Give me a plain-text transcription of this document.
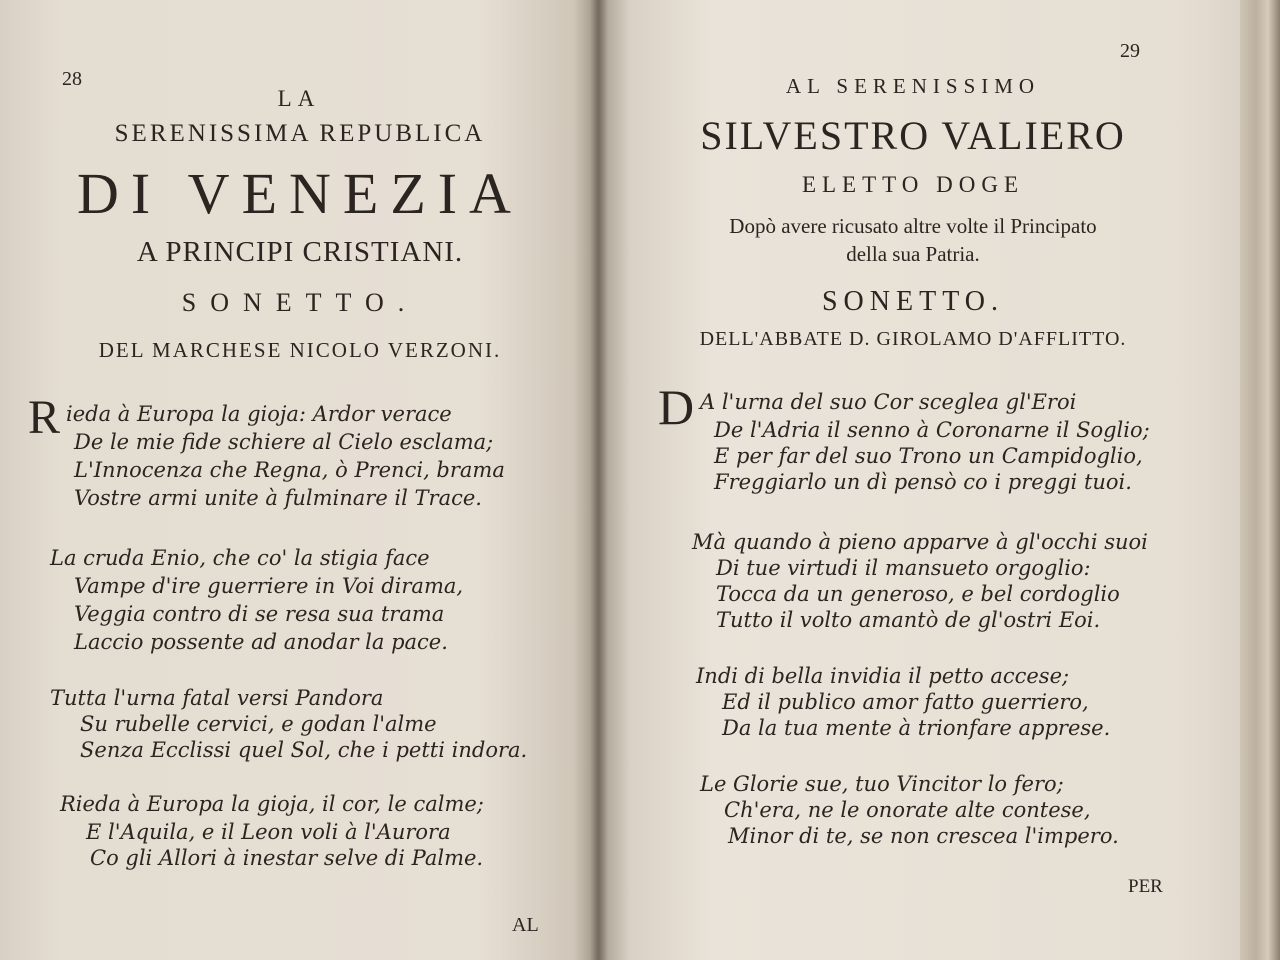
28
LA
SERENISSIMA REPUBLICA
DI VENEZIA
A PRINCIPI CRISTIANI.
SONETTO.
DEL MARCHESE NICOLO VERZONI.
R ieda à Europa la gioja: Ardor verace
De le mie fide schiere al Cielo esclama;
L'Innocenza che Regna, ò Prenci, brama
Vostre armi unite à fulminare il Trace.
La cruda Enio, che co' la stigia face
Vampe d'ire guerriere in Voi dirama,
Veggia contro di se resa sua trama
Laccio possente ad anodar la pace.
Tutta l'urna fatal versi Pandora
Su rubelle cervici, e godan l'alme
Senza Ecclissi quel Sol, che i petti indora.
Rieda à Europa la gioja, il cor, le calme;
E l'Aquila, e il Leon voli à l'Aurora
Co gli Allori à inestar selve di Palme.
AL
29
AL SERENISSIMO
SILVESTRO VALIERO
ELETTO DOGE
Dopò avere ricusato altre volte il Principato
della sua Patria.
SONETTO.
DELL'ABBATE D. GIROLAMO D'AFFLITTO.
D A l'urna del suo Cor sceglea gl'Eroi
De l'Adria il senno à Coronarne il Soglio;
E per far del suo Trono un Campidoglio,
Freggiarlo un dì pensò co i preggi tuoi.
Mà quando à pieno apparve à gl'occhi suoi
Di tue virtudi il mansueto orgoglio:
Tocca da un generoso, e bel cordoglio
Tutto il volto amantò de gl'ostri Eoi.
Indi di bella invidia il petto accese;
Ed il publico amor fatto guerriero,
Da la tua mente à trionfare apprese.
Le Glorie sue, tuo Vincitor lo fero;
Ch'era, ne le onorate alte contese,
Minor di te, se non crescea l'impero.
PER
